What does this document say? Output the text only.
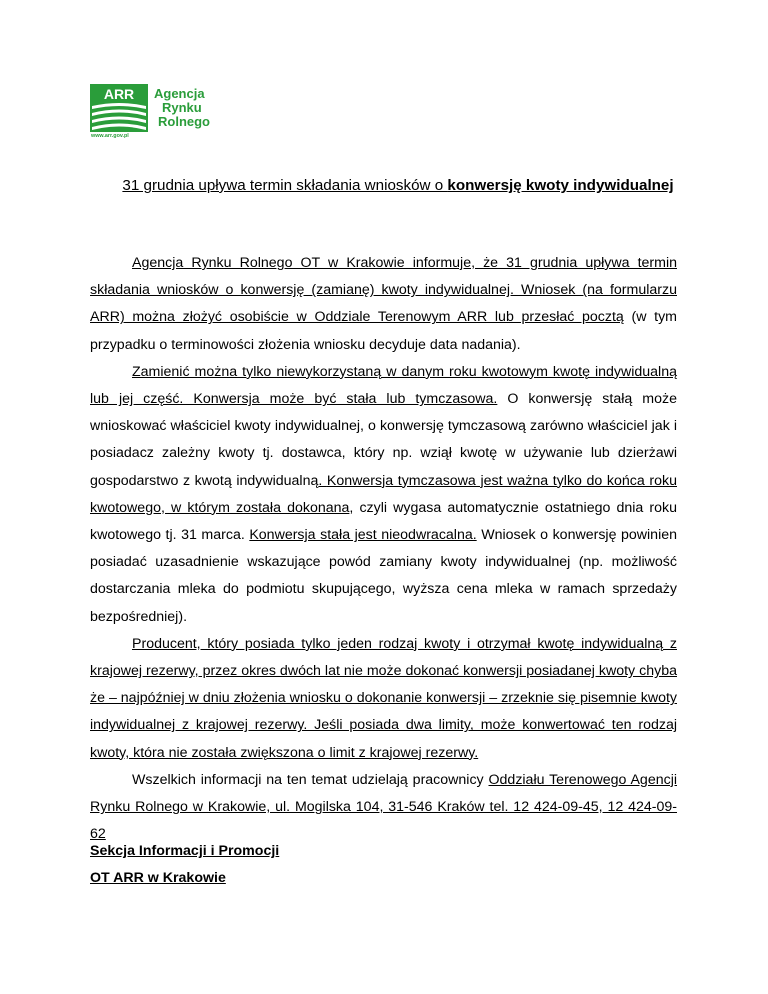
ARR
www.arr.gov.pl
Agencja
Rynku
Rolnego
31 grudnia upływa termin składania wniosków o konwersję kwoty indywidualnej

Agencja Rynku Rolnego OT w Krakowie informuje, że 31 grudnia upływa termin składania wniosków o konwersję (zamianę) kwoty indywidualnej. Wniosek (na formularzu ARR) można złożyć osobiście w Oddziale Terenowym ARR lub przesłać pocztą (w tym przypadku o terminowości złożenia wniosku decyduje data nadania).

Zamienić można tylko niewykorzystaną w danym roku kwotowym kwotę indywidualną lub jej część. Konwersja może być stała lub tymczasowa. O konwersję stałą może wnioskować właściciel kwoty indywidualnej, o konwersję tymczasową zarówno właściciel jak i posiadacz zależny kwoty tj. dostawca, który np. wziął kwotę w używanie lub dzierżawi gospodarstwo z kwotą indywidualną. Konwersja tymczasowa jest ważna tylko do końca roku kwotowego, w którym została dokonana, czyli wygasa automatycznie ostatniego dnia roku kwotowego tj. 31 marca. Konwersja stała jest nieodwracalna. Wniosek o konwersję powinien posiadać uzasadnienie wskazujące powód zamiany kwoty indywidualnej (np. możliwość dostarczania mleka do podmiotu skupującego, wyższa cena mleka w ramach sprzedaży bezpośredniej).

Producent, który posiada tylko jeden rodzaj kwoty i otrzymał kwotę indywidualną z krajowej rezerwy, przez okres dwóch lat nie może dokonać konwersji posiadanej kwoty chyba że – najpóźniej w dniu złożenia wniosku o dokonanie konwersji – zrzeknie się pisemnie kwoty indywidualnej z krajowej rezerwy. Jeśli posiada dwa limity, może konwertować ten rodzaj kwoty, która nie została zwiększona o limit z krajowej rezerwy.

Wszelkich informacji na ten temat udzielają pracownicy Oddziału Terenowego Agencji Rynku Rolnego w Krakowie, ul. Mogilska 104, 31-546 Kraków tel. 12 424-09-45, 12 424-09-62

Sekcja Informacji i Promocji
OT ARR w Krakowie
